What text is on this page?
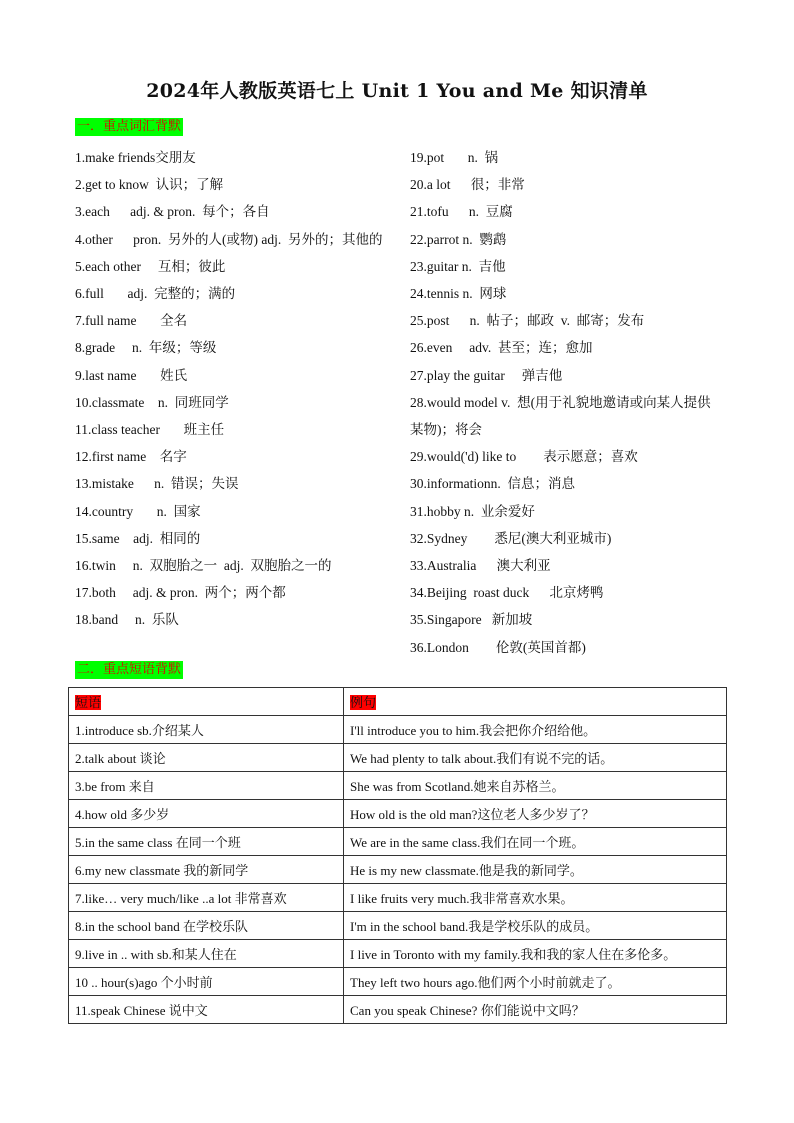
2024年人教版英语七上 Unit 1 You and Me 知识清单
一．重点词汇背默
1.make friends交朋友
2.get to know  认识；了解
3.each      adj. & pron.  每个；各自
4.other      pron.  另外的人(或物) adj.  另外的；其他的
5.each other     互相；彼此
6.full       adj.  完整的；满的
7.full name       全名
8.grade     n.  年级；等级
9.last name       姓氏
10.classmate    n.  同班同学
11.class teacher       班主任
12.first name    名字
13.mistake      n.  错误；失误
14.country       n.  国家
15.same    adj.  相同的
16.twin     n.  双胞胎之一  adj.  双胞胎之一的
17.both     adj. & pron.  两个；两个都
18.band     n.  乐队
19.pot       n.  锅
20.a lot      很；非常
21.tofu      n.  豆腐
22.parrot n.  鹦鹉
23.guitar n.  吉他
24.tennis n.  网球
25.post      n.  帖子；邮政  v.  邮寄；发布
26.even     adv.  甚至；连；愈加
27.play the guitar     弹吉他
28.would model v.  想(用于礼貌地邀请或向某人提供某物)；将会
29.would('d) like to        表示愿意；喜欢
30.informationn.  信息；消息
31.hobby n.  业余爱好
32.Sydney        悉尼(澳大利亚城市)
33.Australia      澳大利亚
34.Beijing  roast duck      北京烤鸭
35.Singapore   新加坡
36.London        伦敦(英国首都)
二．重点短语背默
短语	例句
1.introduce sb.介绍某人	I'll introduce you to him.我会把你介绍给他。
2.talk about 谈论	We had plenty to talk about.我们有说不完的话。
3.be from 来自	She was from Scotland.她来自苏格兰。
4.how old 多少岁	How old is the old man?这位老人多少岁了？
5.in the same class 在同一个班	We are in the same class.我们在同一个班。
6.my new classmate 我的新同学	He is my new classmate.他是我的新同学。
7.like… very much/like ..a lot 非常喜欢	I like fruits very much.我非常喜欢水果。
8.in the school band 在学校乐队	I'm in the school band.我是学校乐队的成员。
9.live in .. with sb.和某人住在	I live in Toronto with my family.我和我的家人住在多伦多。
10 .. hour(s)ago 个小时前	They left two hours ago.他们两个小时前就走了。
11.speak Chinese 说中文	Can you speak Chinese? 你们能说中文吗？
